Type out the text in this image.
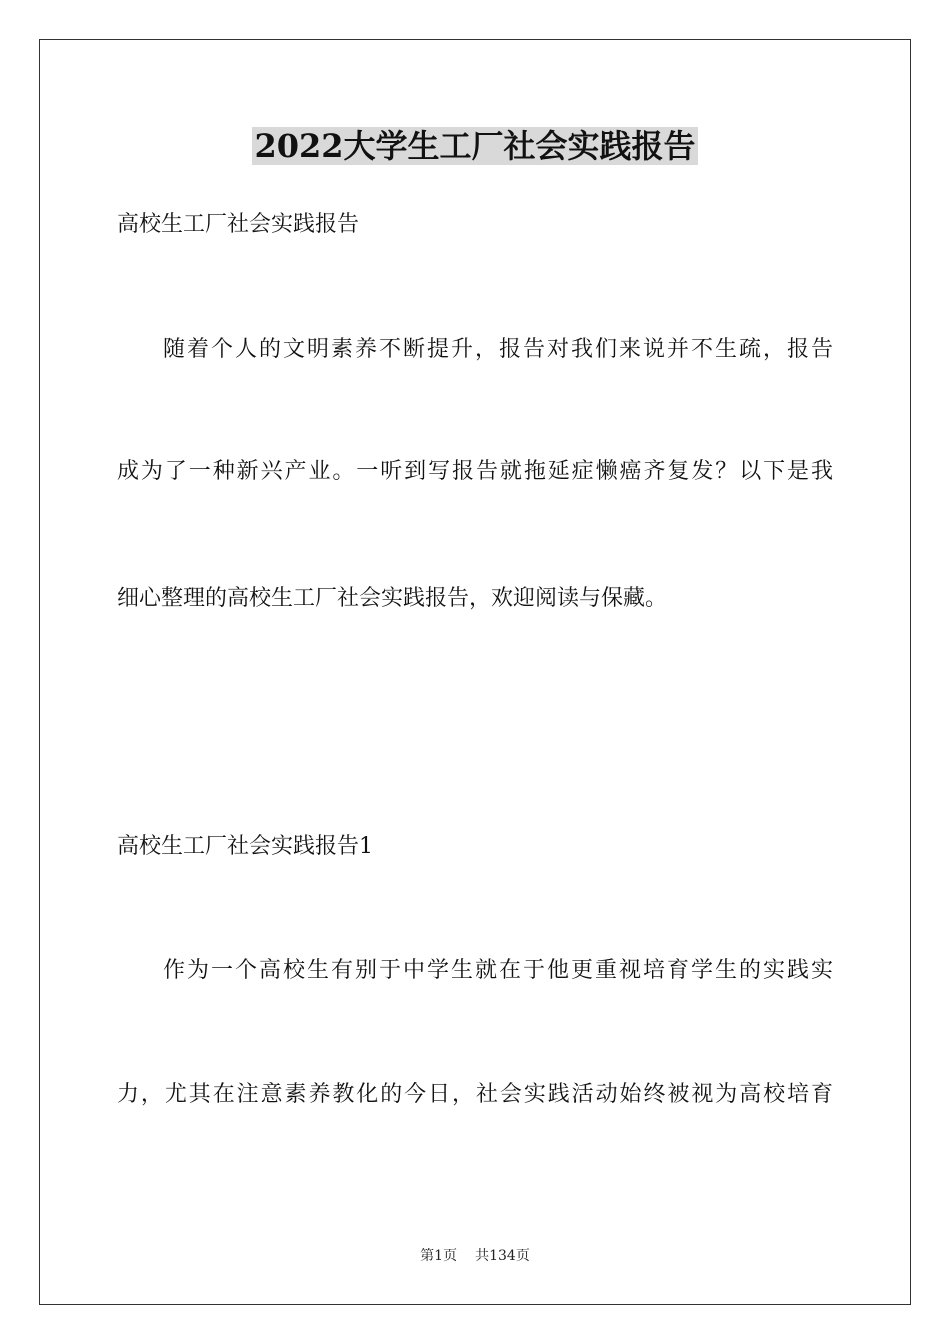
2022大学生工厂社会实践报告
高校生工厂社会实践报告
随着个人的文明素养不断提升，报告对我们来说并不生疏，报告
成为了一种新兴产业。一听到写报告就拖延症懒癌齐复发？以下是我
细心整理的高校生工厂社会实践报告，欢迎阅读与保藏。
高校生工厂社会实践报告1
作为一个高校生有别于中学生就在于他更重视培育学生的实践实
力，尤其在注意素养教化的今日，社会实践活动始终被视为高校培育
第1页 共134页
